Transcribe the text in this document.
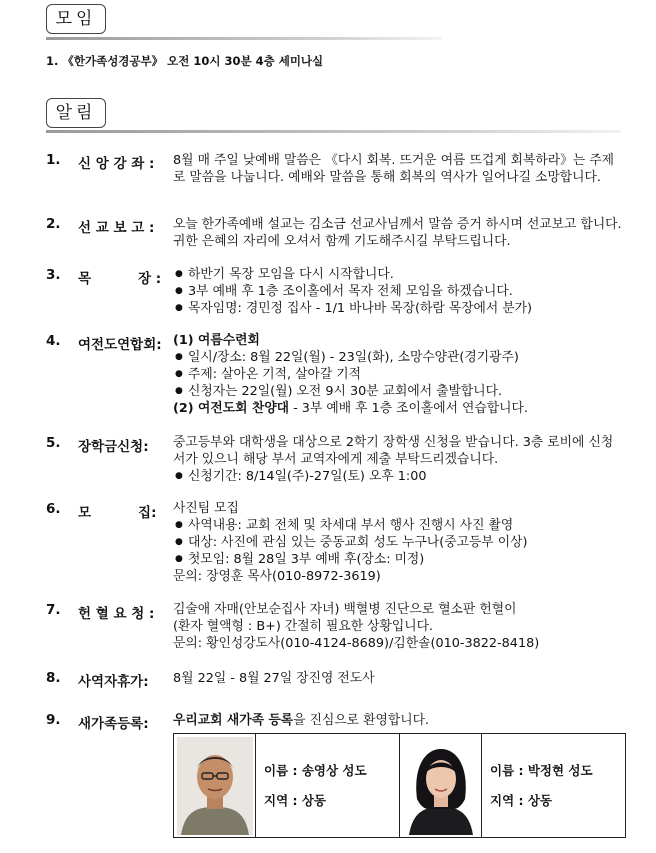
모임
1. 《한가족성경공부》 오전 10시 30분 4층 세미나실
알림
1. 신 앙 강 좌 : 8월 매 주일 낮예배 말씀은 《다시 회복. 뜨거운 여름 뜨겁게 회복하라》는 주제로 말씀을 나눕니다. 예배와 말씀을 통해 회복의 역사가 일어나길 소망합니다.
2. 선 교 보 고 : 오늘 한가족예배 설교는 김소금 선교사님께서 말씀 증거 하시며 선교보고 합니다. 귀한 은혜의 자리에 오셔서 함께 기도해주시길 부탁드립니다.
3. 목          장 :
●	하반기 목장 모임을 다시 시작합니다.
● 3부 예배 후 1층 조이홀에서 목자 전체 모임을 하겠습니다.
● 목자임명: 경민정 집사 - 1/1 바나바 목장(하람 목장에서 분가)
4. 여전도연합회: (1) 여름수련회
● 일시/장소: 8월 22일(월) - 23일(화), 소망수양관(경기광주)
● 주제: 살아온 기적, 살아갈 기적
● 신청자는 22일(월) 오전 9시 30분 교회에서 출발합니다.
(2) 여전도회 찬양대 - 3부 예배 후 1층 조이홀에서 연습합니다.
5. 장학금신청: 중고등부와 대학생을 대상으로 2학기 장학생 신청을 받습니다. 3층 로비에 신청서가 있으니 해당 부서 교역자에게 제출 부탁드리겠습니다.

● 신청기간: 8/14일(주)-27일(토) 오후 1:00
6. 모          집: 사진팀 모집

● 사역내용: 교회 전체 및 차세대 부서 행사 진행시 사진 촬영
● 대상: 사진에 관심 있는 중동교회 성도 누구나(중고등부 이상)
● 첫모임: 8월 28일 3부 예배 후(장소: 미정)

문의: 장영훈 목사(010-8972-3619)

7. 헌 혈 요 청 : 김술애 자매(안보순집사 자녀) 백혈병 진단으로 혈소판 헌혈이

(환자 혈액형 : B+) 간절히 필요한 상황입니다.

문의: 황인성강도사(010-4124-8689)/김한솔(010-3822-8418)

8. 사역자휴가: 8월 22일 - 8월 27일 장진영 전도사
9. 새가족등록: 우리교회 새가족 등록을 진심으로 환영합니다.
이름 : 송영상 성도
지역 : 상동
이름 : 박정현 성도
지역 : 상동
